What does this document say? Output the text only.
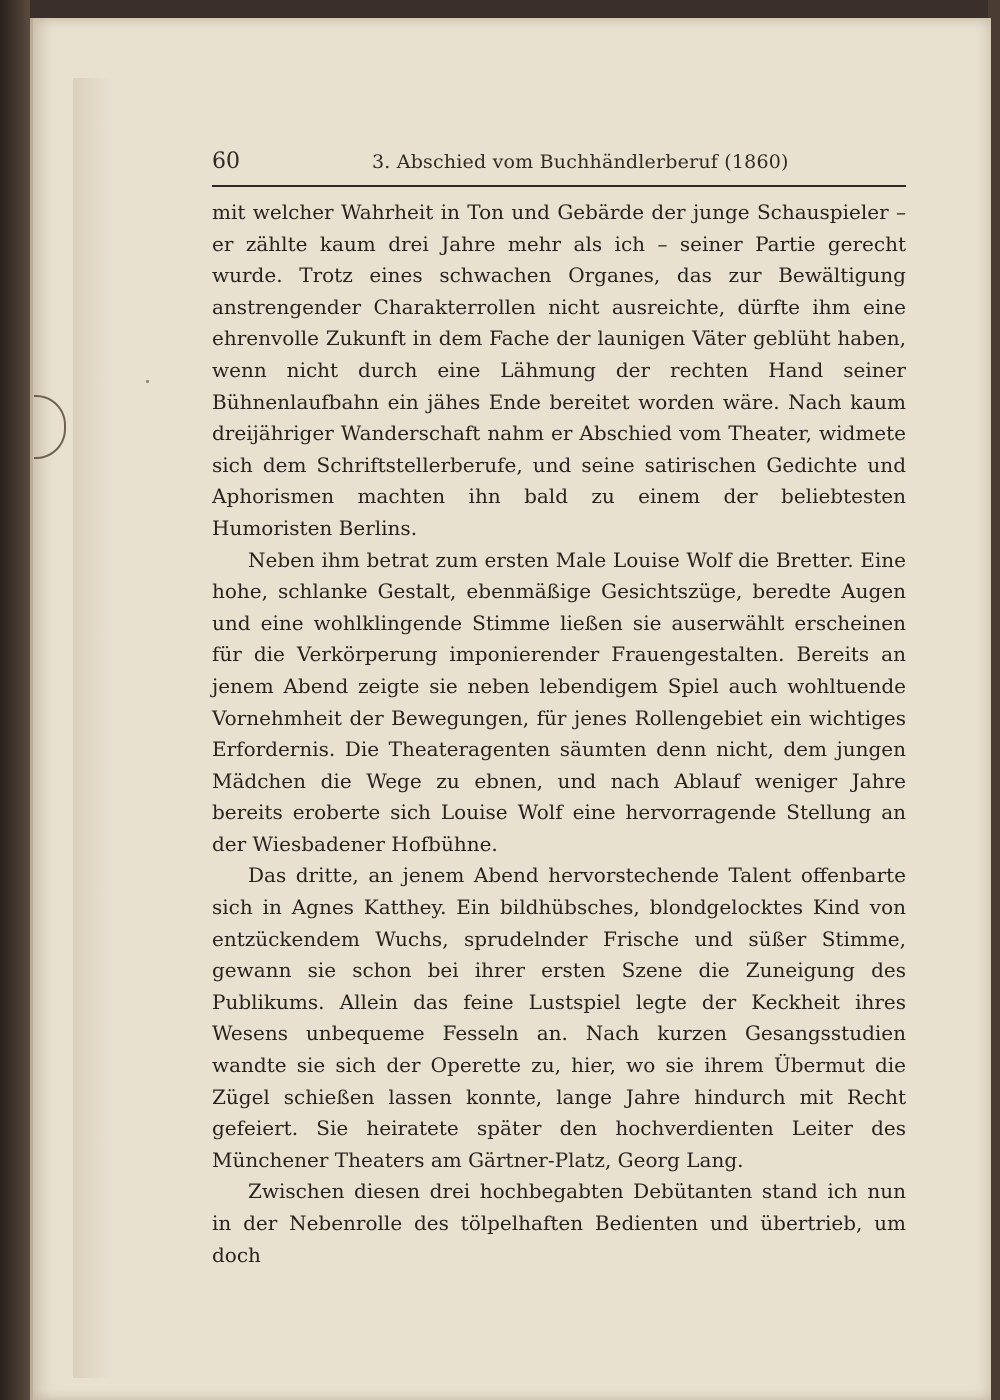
60	3. Abschied vom Buchhändlerberuf (1860)

mit welcher Wahrheit in Ton und Gebärde der junge Schauspieler – er zählte kaum drei Jahre mehr als ich – seiner Partie gerecht wurde. Trotz eines schwachen Organes, das zur Bewältigung anstrengender Charakterrollen nicht ausreichte, dürfte ihm eine ehrenvolle Zukunft in dem Fache der launigen Väter geblüht haben, wenn nicht durch eine Lähmung der rechten Hand seiner Bühnenlaufbahn ein jähes Ende bereitet worden wäre. Nach kaum dreijähriger Wanderschaft nahm er Abschied vom Theater, widmete sich dem Schriftstellerberufe, und seine satirischen Gedichte und Aphorismen machten ihn bald zu einem der beliebtesten Humoristen Berlins.

Neben ihm betrat zum ersten Male Louise Wolf die Bretter. Eine hohe, schlanke Gestalt, ebenmäßige Gesichtszüge, beredte Augen und eine wohlklingende Stimme ließen sie auserwählt erscheinen für die Verkörperung imponierender Frauengestalten. Bereits an jenem Abend zeigte sie neben lebendigem Spiel auch wohltuende Vornehmheit der Bewegungen, für jenes Rollengebiet ein wichtiges Erfordernis. Die Theateragenten säumten denn nicht, dem jungen Mädchen die Wege zu ebnen, und nach Ablauf weniger Jahre bereits eroberte sich Louise Wolf eine hervorragende Stellung an der Wiesbadener Hofbühne.

Das dritte, an jenem Abend hervorstechende Talent offenbarte sich in Agnes Katthey. Ein bildhübsches, blondgelocktes Kind von entzückendem Wuchs, sprudelnder Frische und süßer Stimme, gewann sie schon bei ihrer ersten Szene die Zuneigung des Publikums. Allein das feine Lustspiel legte der Keckheit ihres Wesens unbequeme Fesseln an. Nach kurzen Gesangsstudien wandte sie sich der Operette zu, hier, wo sie ihrem Übermut die Zügel schießen lassen konnte, lange Jahre hindurch mit Recht gefeiert. Sie heiratete später den hochverdienten Leiter des Münchener Theaters am Gärtner-Platz, Georg Lang.

Zwischen diesen drei hochbegabten Debütanten stand ich nun in der Nebenrolle des tölpelhaften Bedienten und übertrieb, um doch
